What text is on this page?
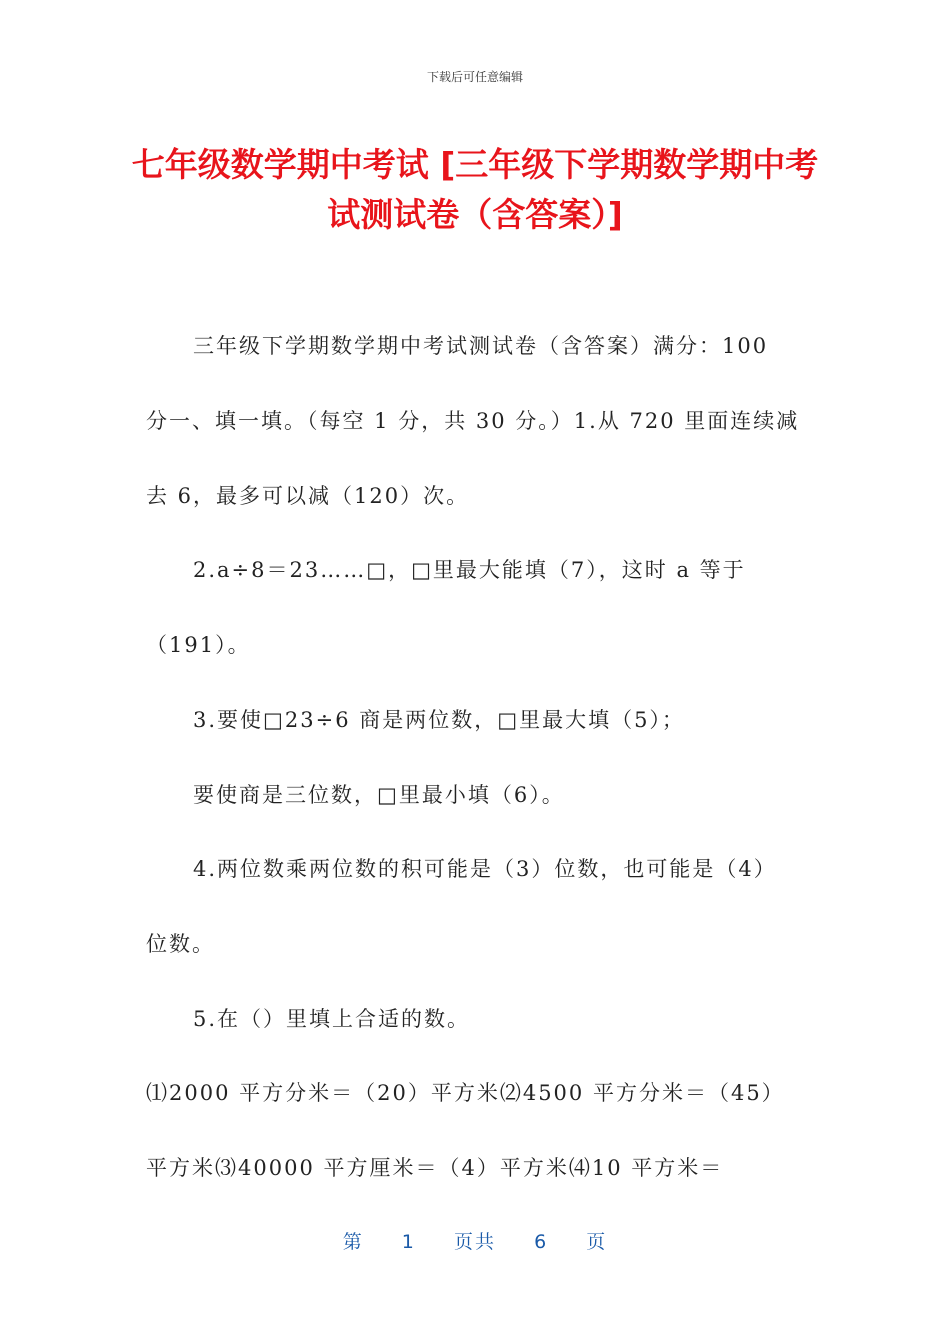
下载后可任意编辑
七年级数学期中考试 [三年级下学期数学期中考试测试卷（含答案）]
三年级下学期数学期中考试测试卷（含答案）满分：100
分一、填一填。（每空 1 分，共 30 分。）1.从 720 里面连续减
去 6，最多可以减（120）次。
2.a÷8＝23……□，□里最大能填（7），这时 a 等于
（191）。
3.要使□23÷6 商是两位数，□里最大填（5）；
要使商是三位数，□里最小填（6）。
4.两位数乘两位数的积可能是（3）位数，也可能是（4）
位数。
5.在（）里填上合适的数。
⑴2000 平方分米＝（20）平方米⑵4500 平方分米＝（45）
平方米⑶40000 平方厘米＝（4）平方米⑷10 平方米＝
第 1 页共 6 页
